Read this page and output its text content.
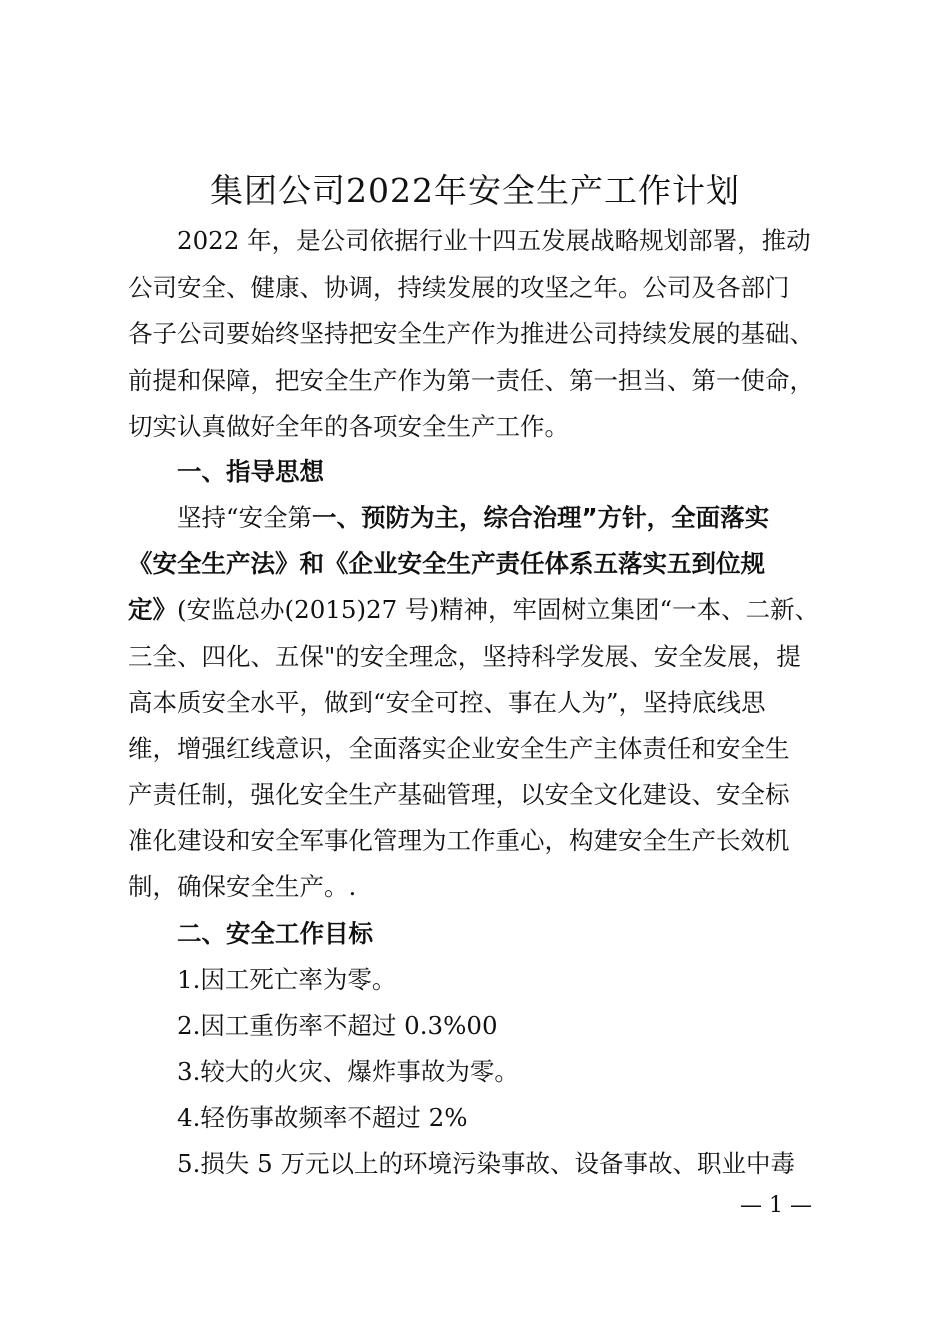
集团公司2022年安全生产工作计划
2022 年，是公司依据行业十四五发展战略规划部署，推动
公司安全、健康、协调，持续发展的攻坚之年。公司及各部门
各子公司要始终坚持把安全生产作为推进公司持续发展的基础、
前提和保障，把安全生产作为第一责任、第一担当、第一使命，
切实认真做好全年的各项安全生产工作。
一、指导思想
坚持“安全第一、预防为主，综合治理”方针，全面落实
《安全生产法》和《企业安全生产责任体系五落实五到位规
定》(安监总办(2015)27 号)精神，牢固树立集团“一本、二新、
三全、四化、五保"的安全理念，坚持科学发展、安全发展，提
高本质安全水平，做到“安全可控、事在人为”，坚持底线思
维，增强红线意识，全面落实企业安全生产主体责任和安全生
产责任制，强化安全生产基础管理，以安全文化建设、安全标
准化建设和安全军事化管理为工作重心，构建安全生产长效机
制，确保安全生产。.
二、安全工作目标
1.因工死亡率为零。
2.因工重伤率不超过 0.3%00
3.较大的火灾、爆炸事故为零。
4.轻伤事故频率不超过 2%
5.损失 5 万元以上的环境污染事故、设备事故、职业中毒
— 1 —
